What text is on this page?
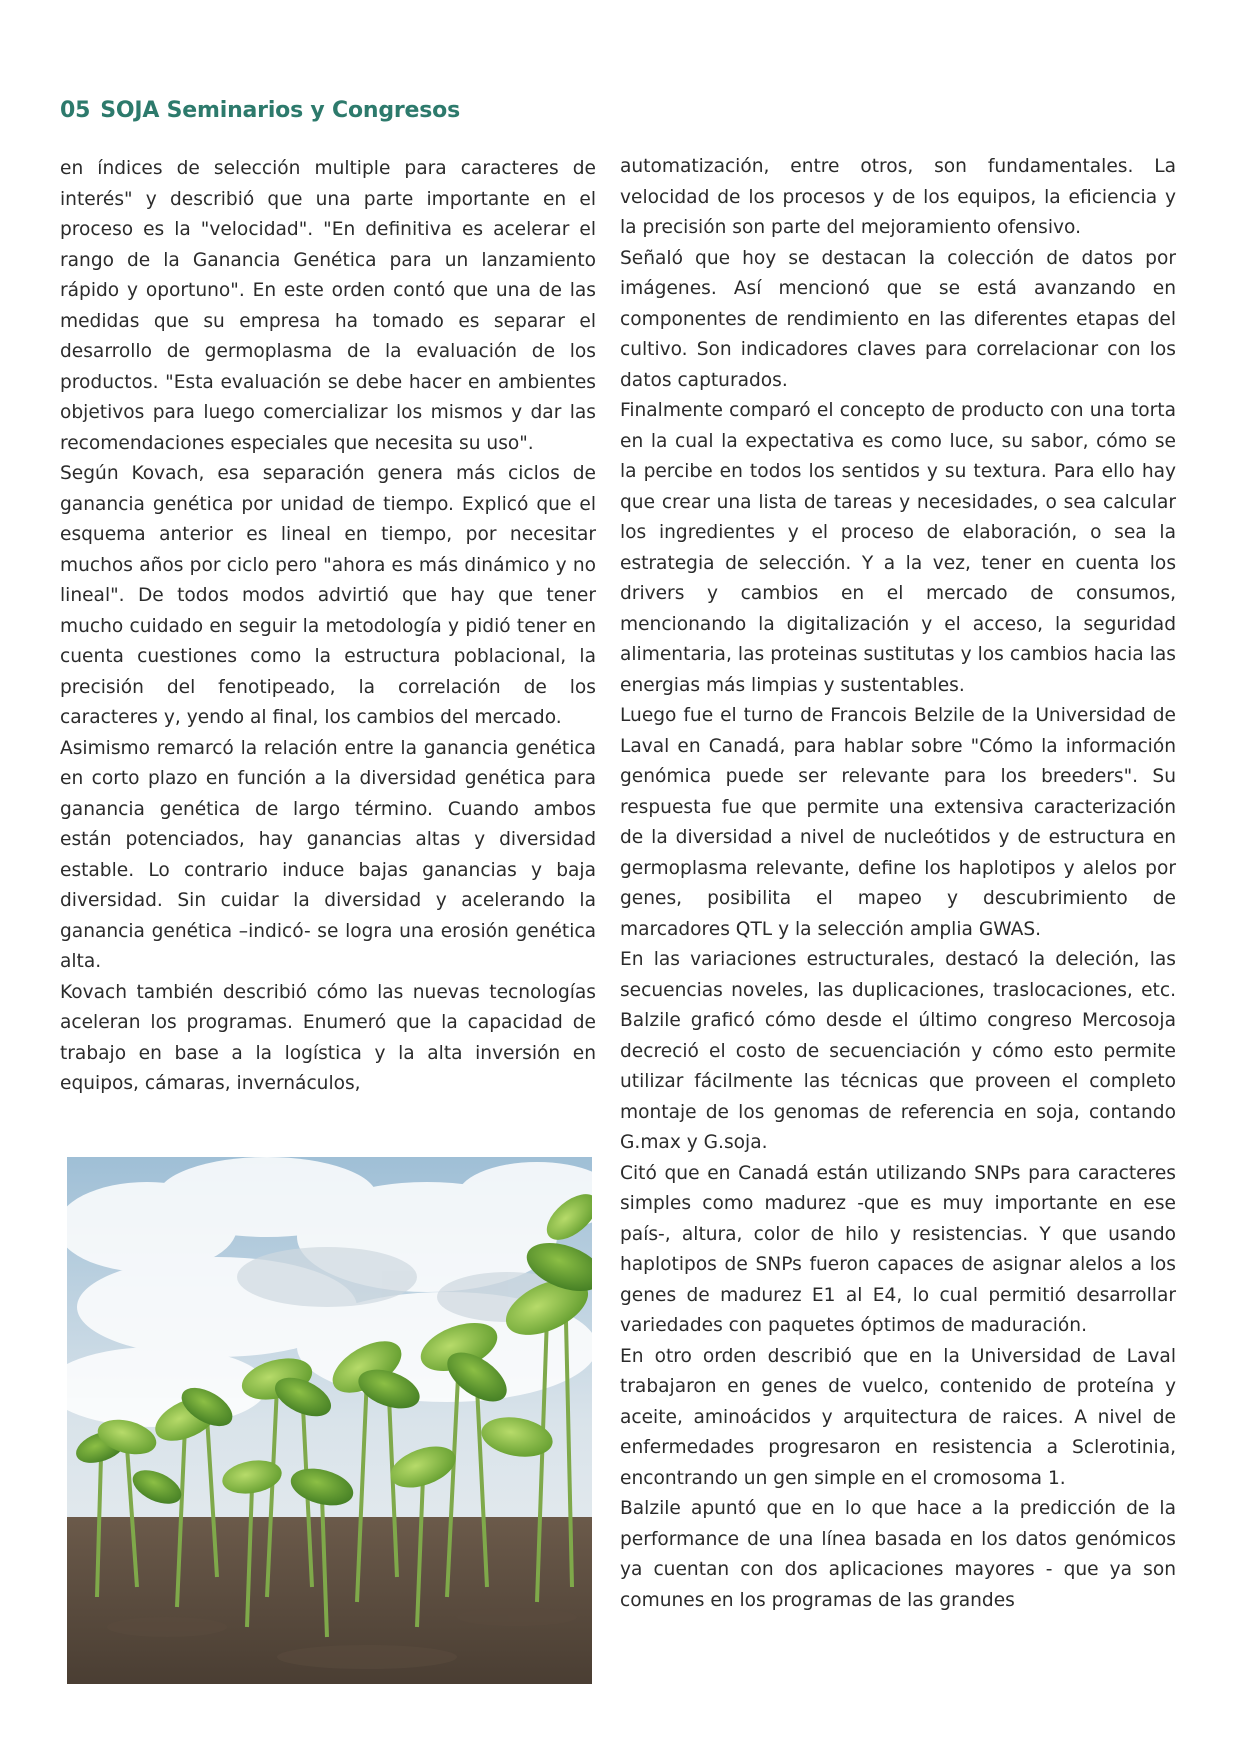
05 SOJA Seminarios y Congresos

en índices de selección multiple para caracteres de interés" y describió que una parte importante en el proceso es la "velocidad". "En definitiva es acelerar el rango de la Ganancia Genética para un lanzamiento rápido y oportuno". En este orden contó que una de las medidas que su empresa ha tomado es separar el desarrollo de germoplasma de la evaluación de los productos. "Esta evaluación se debe hacer en ambientes objetivos para luego comercializar los mismos y dar las recomendaciones especiales que necesita su uso".

Según Kovach, esa separación genera más ciclos de ganancia genética por unidad de tiempo. Explicó que el esquema anterior es lineal en tiempo, por necesitar muchos años por ciclo pero "ahora es más dinámico y no lineal". De todos modos advirtió que hay que tener mucho cuidado en seguir la metodología y pidió tener en cuenta cuestiones como la estructura poblacional, la precisión del fenotipeado, la correlación de los caracteres y, yendo al final, los cambios del mercado.

Asimismo remarcó la relación entre la ganancia genética en corto plazo en función a la diversidad genética para ganancia genética de largo término. Cuando ambos están potenciados, hay ganancias altas y diversidad estable. Lo contrario induce bajas ganancias y baja diversidad. Sin cuidar la diversidad y acelerando la ganancia genética –indicó- se logra una erosión genética alta.

Kovach también describió cómo las nuevas tecnologías aceleran los programas. Enumeró que la capacidad de trabajo en base a la logística y la alta inversión en equipos, cámaras, invernáculos,

automatización, entre otros, son fundamentales. La velocidad de los procesos y de los equipos, la eficiencia y la precisión son parte del mejoramiento ofensivo.

Señaló que hoy se destacan la colección de datos por imágenes. Así mencionó que se está avanzando en componentes de rendimiento en las diferentes etapas del cultivo. Son indicadores claves para correlacionar con los datos capturados.

Finalmente comparó el concepto de producto con una torta en la cual la expectativa es como luce, su sabor, cómo se la percibe en todos los sentidos y su textura. Para ello hay que crear una lista de tareas y necesidades, o sea calcular los ingredientes y el proceso de elaboración, o sea la estrategia de selección. Y a la vez, tener en cuenta los drivers y cambios en el mercado de consumos, mencionando la digitalización y el acceso, la seguridad alimentaria, las proteinas sustitutas y los cambios hacia las energias más limpias y sustentables.

Luego fue el turno de Francois Belzile de la Universidad de Laval en Canadá, para hablar sobre "Cómo la información genómica puede ser relevante para los breeders". Su respuesta fue que permite una extensiva caracterización de la diversidad a nivel de nucleótidos y de estructura en germoplasma relevante, define los haplotipos y alelos por genes, posibilita el mapeo y descubrimiento de marcadores QTL y la selección amplia GWAS.

En las variaciones estructurales, destacó la deleción, las secuencias noveles, las duplicaciones, traslocaciones, etc. Balzile graficó cómo desde el último congreso Mercosoja decreció el costo de secuenciación y cómo esto permite utilizar fácilmente las técnicas que proveen el completo montaje de los genomas de referencia en soja, contando G.max y G.soja.

Citó que en Canadá están utilizando SNPs para caracteres simples como madurez -que es muy importante en ese país-, altura, color de hilo y resistencias. Y que usando haplotipos de SNPs fueron capaces de asignar alelos a los genes de madurez E1 al E4, lo cual permitió desarrollar variedades con paquetes óptimos de maduración.

En otro orden describió que en la Universidad de Laval trabajaron en genes de vuelco, contenido de proteína y aceite, aminoácidos y arquitectura de raices. A nivel de enfermedades progresaron en resistencia a Sclerotinia, encontrando un gen simple en el cromosoma 1.

Balzile apuntó que en lo que hace a la predicción de la performance de una línea basada en los datos genómicos ya cuentan con dos aplicaciones mayores - que ya son comunes en los programas de las grandes
